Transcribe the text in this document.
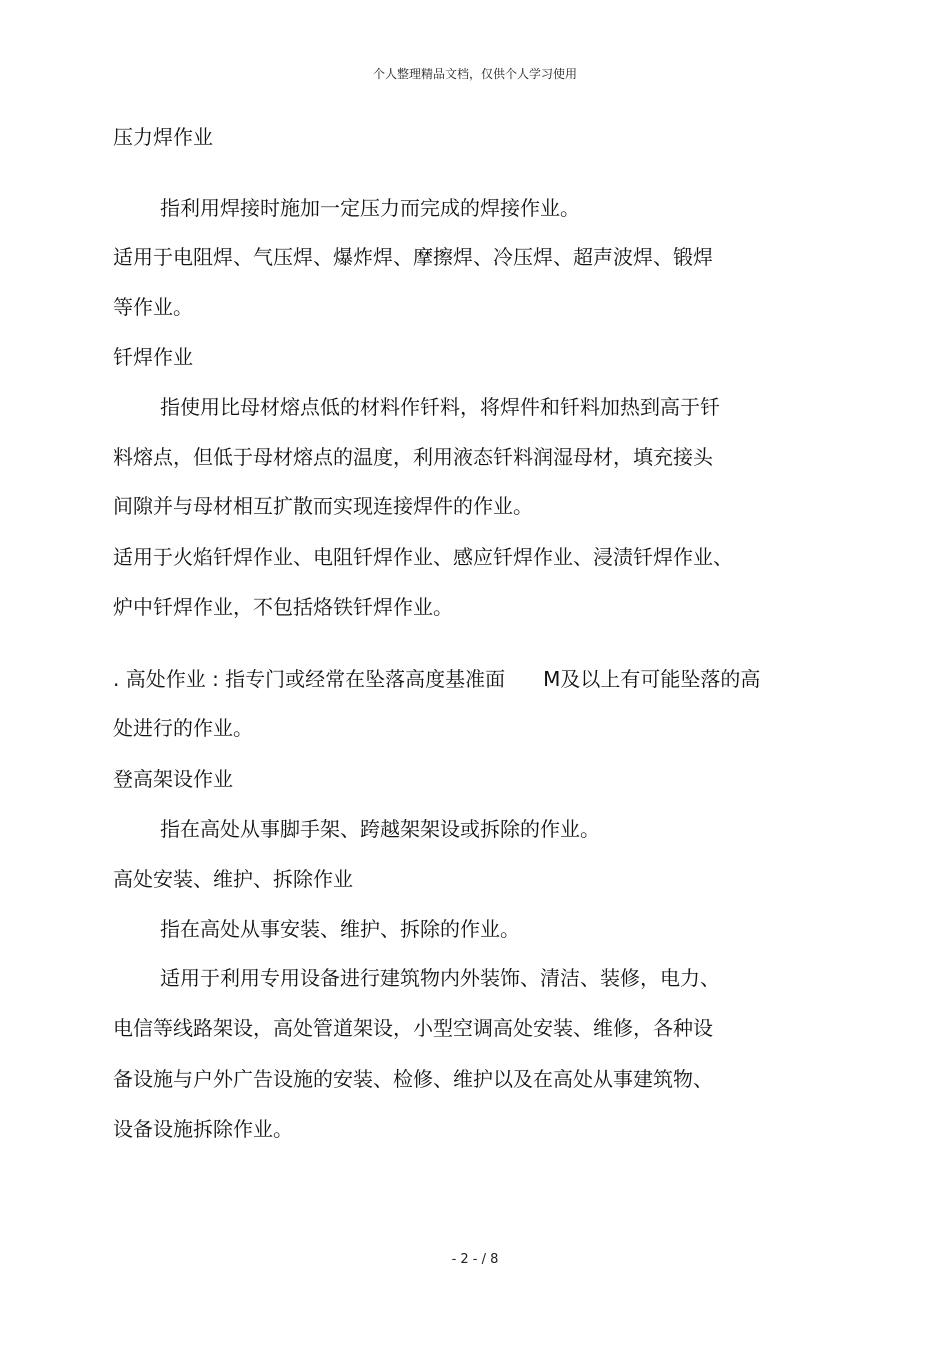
个人整理精品文档，仅供个人学习使用
压力焊作业
指利用焊接时施加一定压力而完成的焊接作业。
适用于电阻焊、气压焊、爆炸焊、摩擦焊、冷压焊、超声波焊、锻焊
等作业。
钎焊作业
指使用比母材熔点低的材料作钎料，将焊件和钎料加热到高于钎
料熔点，但低于母材熔点的温度，利用液态钎料润湿母材，填充接头
间隙并与母材相互扩散而实现连接焊件的作业。
适用于火焰钎焊作业、电阻钎焊作业、感应钎焊作业、浸渍钎焊作业、
炉中钎焊作业，不包括烙铁钎焊作业。
. 高处作业 : 指专门或经常在坠落高度基准面 M及以上有可能坠落的高
处进行的作业。
登高架设作业
指在高处从事脚手架、跨越架架设或拆除的作业。
高处安装、维护、拆除作业
指在高处从事安装、维护、拆除的作业。
适用于利用专用设备进行建筑物内外装饰、清洁、装修，电力、
电信等线路架设，高处管道架设，小型空调高处安装、维修，各种设
备设施与户外广告设施的安装、检修、维护以及在高处从事建筑物、
设备设施拆除作业。
- 2 - / 8
